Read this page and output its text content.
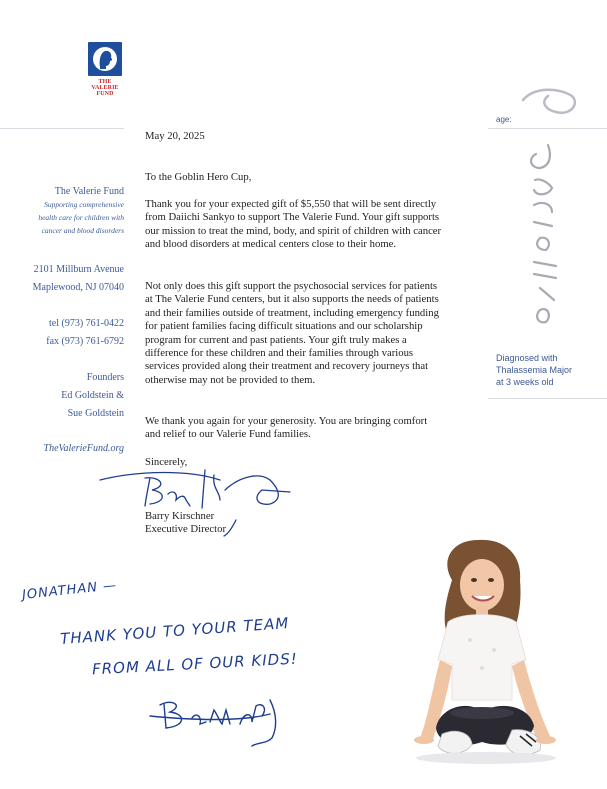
THE
VALERIE
FUND
The Valerie Fund
Supporting comprehensive
health care for children with
cancer and blood disorders
2101 Millburn Avenue
Maplewood, NJ 07040
tel (973) 761-0422
fax (973) 761-6792
Founders
Ed Goldstein &
Sue Goldstein
TheValerieFund.org
May 20, 2025
To the Goblin Hero Cup,
Thank you for your expected gift of $5,550 that will be sent directly from Daiichi Sankyo to support The Valerie Fund. Your gift supports our mission to treat the mind, body, and spirit of children with cancer and blood disorders at medical centers close to their home.
Not only does this gift support the psychosocial services for patients at The Valerie Fund centers, but it also supports the needs of patients and their families outside of treatment, including emergency funding for patient families facing difficult situations and our scholarship program for current and past patients. Your gift truly makes a difference for these children and their families through various services provided along their treatment and recovery journeys that otherwise may not be provided to them.
We thank you again for your generosity. You are bringing comfort and relief to our Valerie Fund families.
Sincerely,
Barry Kirschner
Executive Director
age:
Diagnosed with
Thalassemia Major
at 3 weeks old
JONATHAN —
THANK YOU TO YOUR TEAM
FROM ALL OF OUR KIDS!
